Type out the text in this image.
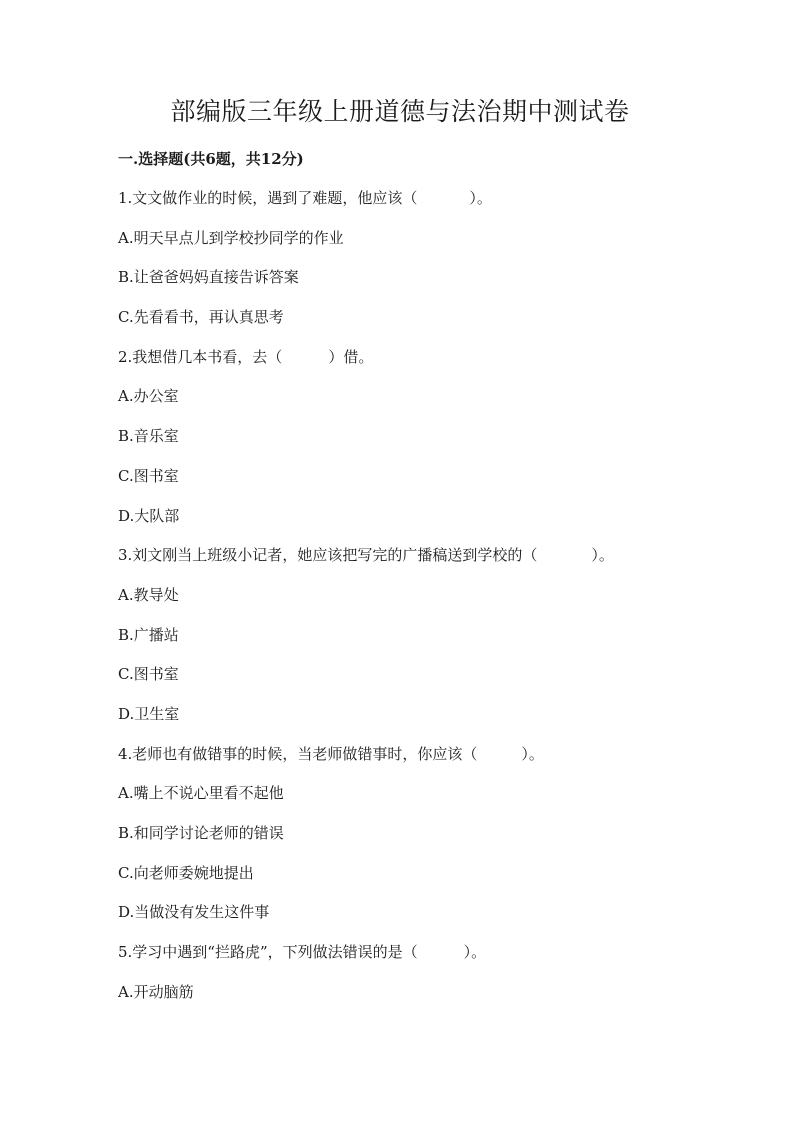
部编版三年级上册道德与法治期中测试卷
一.选择题(共6题，共12分)
1.文文做作业的时候，遇到了难题，他应该（	）。
A.明天早点儿到学校抄同学的作业
B.让爸爸妈妈直接告诉答案
C.先看看书，再认真思考
2.我想借几本书看，去（	）借。
A.办公室
B.音乐室
C.图书室
D.大队部
3.刘文刚当上班级小记者，她应该把写完的广播稿送到学校的（	）。
A.教导处
B.广播站
C.图书室
D.卫生室
4.老师也有做错事的时候，当老师做错事时，你应该（	）。
A.嘴上不说心里看不起他
B.和同学讨论老师的错误
C.向老师委婉地提出
D.当做没有发生这件事
5.学习中遇到“拦路虎”，下列做法错误的是（	）。
A.开动脑筋
